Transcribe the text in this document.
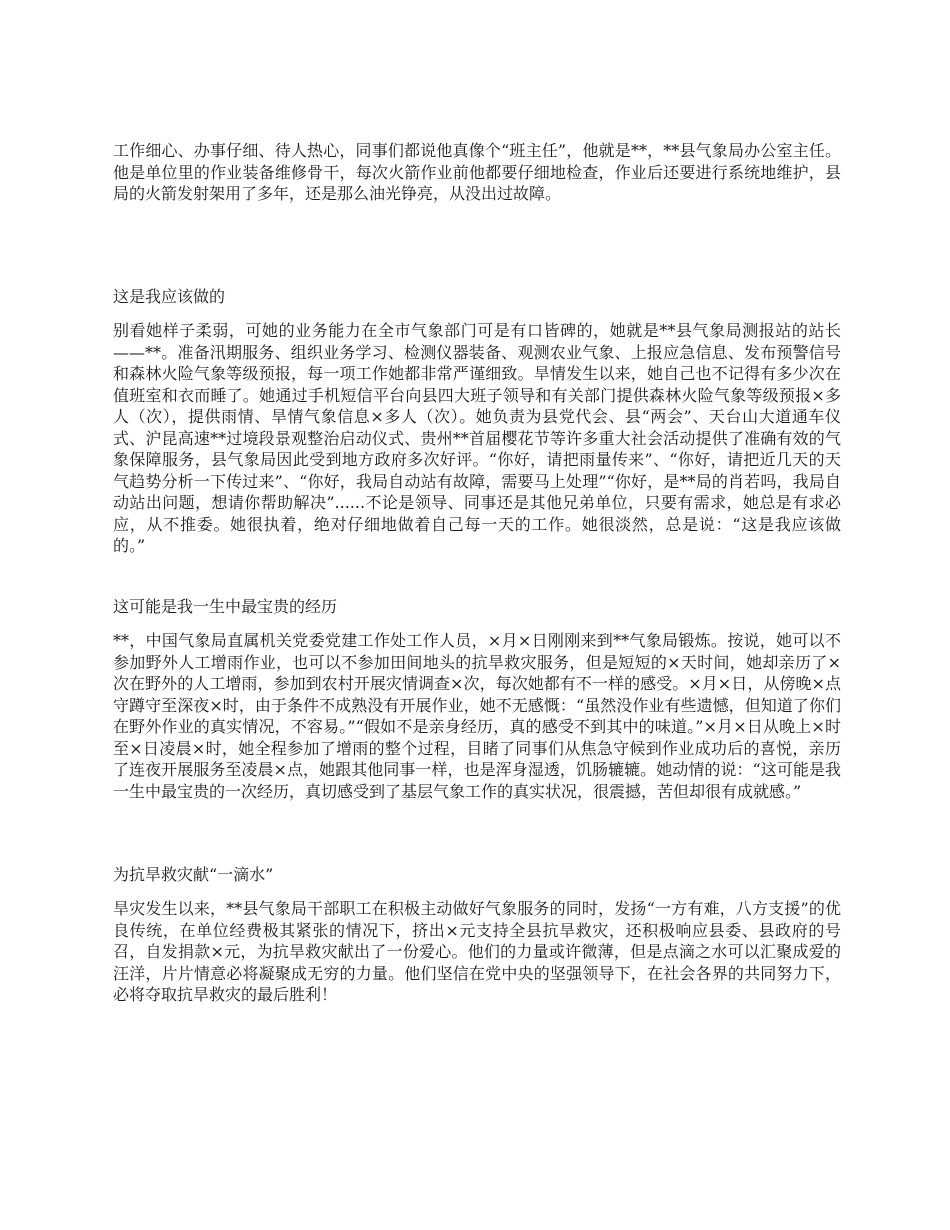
工作细心、办事仔细、待人热心，同事们都说他真像个“班主任”，他就是**，**县气象局办公室主任。他是单位里的作业装备维修骨干，每次火箭作业前他都要仔细地检查，作业后还要进行系统地维护，县局的火箭发射架用了多年，还是那么油光铮亮，从没出过故障。

这是我应该做的

别看她样子柔弱，可她的业务能力在全市气象部门可是有口皆碑的，她就是**县气象局测报站的站长——**。准备汛期服务、组织业务学习、检测仪器装备、观测农业气象、上报应急信息、发布预警信号和森林火险气象等级预报，每一项工作她都非常严谨细致。旱情发生以来，她自己也不记得有多少次在值班室和衣而睡了。她通过手机短信平台向县四大班子领导和有关部门提供森林火险气象等级预报×多人（次），提供雨情、旱情气象信息×多人（次）。她负责为县党代会、县“两会”、天台山大道通车仪式、沪昆高速**过境段景观整治启动仪式、贵州**首届樱花节等许多重大社会活动提供了准确有效的气象保障服务，县气象局因此受到地方政府多次好评。“你好，请把雨量传来”、“你好，请把近几天的天气趋势分析一下传过来”、“你好，我局自动站有故障，需要马上处理”“你好，是**局的肖若吗，我局自动站出问题，想请你帮助解决”......不论是领导、同事还是其他兄弟单位，只要有需求，她总是有求必应，从不推委。她很执着，绝对仔细地做着自己每一天的工作。她很淡然，总是说：“这是我应该做的。”

这可能是我一生中最宝贵的经历

**，中国气象局直属机关党委党建工作处工作人员，×月×日刚刚来到**气象局锻炼。按说，她可以不参加野外人工增雨作业，也可以不参加田间地头的抗旱救灾服务，但是短短的×天时间，她却亲历了×次在野外的人工增雨，参加到农村开展灾情调查×次，每次她都有不一样的感受。×月×日，从傍晚×点守蹲守至深夜×时，由于条件不成熟没有开展作业，她不无感慨：“虽然没作业有些遗憾，但知道了你们在野外作业的真实情况，不容易。”“假如不是亲身经历，真的感受不到其中的味道。”×月×日从晚上×时至×日凌晨×时，她全程参加了增雨的整个过程，目睹了同事们从焦急守候到作业成功后的喜悦，亲历了连夜开展服务至凌晨×点，她跟其他同事一样，也是浑身湿透，饥肠辘辘。她动情的说：“这可能是我一生中最宝贵的一次经历，真切感受到了基层气象工作的真实状况，很震撼，苦但却很有成就感。”

为抗旱救灾献“一滴水”

旱灾发生以来，**县气象局干部职工在积极主动做好气象服务的同时，发扬“一方有难，八方支援”的优良传统，在单位经费极其紧张的情况下，挤出×元支持全县抗旱救灾，还积极响应县委、县政府的号召，自发捐款×元，为抗旱救灾献出了一份爱心。他们的力量或许微薄，但是点滴之水可以汇聚成爱的汪洋，片片情意必将凝聚成无穷的力量。他们坚信在党中央的坚强领导下，在社会各界的共同努力下，必将夺取抗旱救灾的最后胜利！
